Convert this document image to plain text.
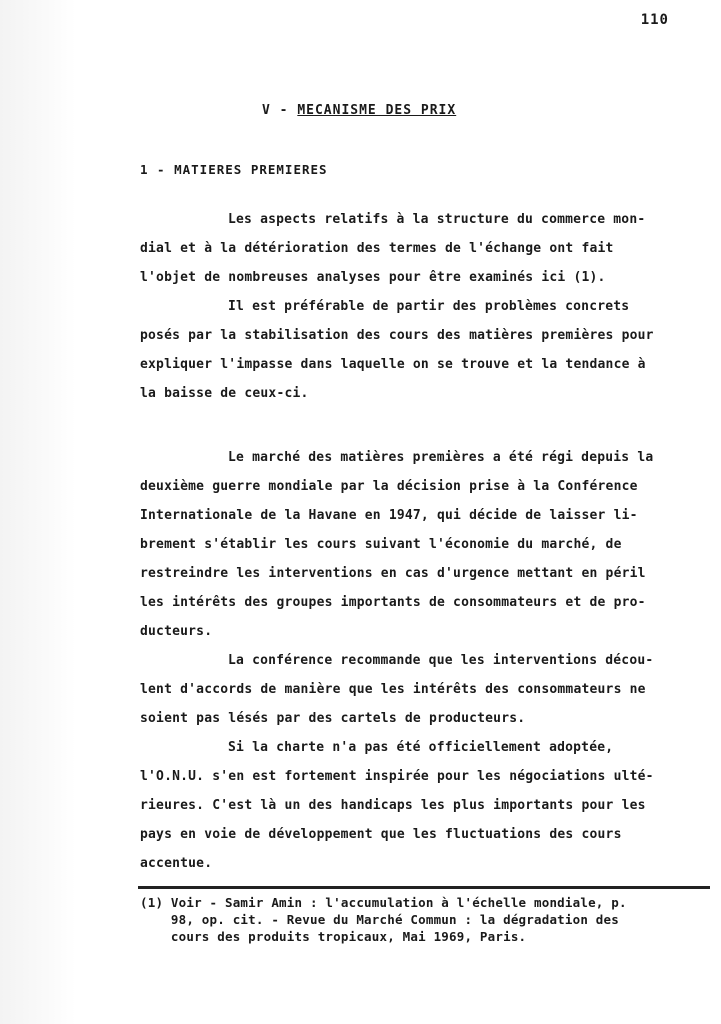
110
V - MECANISME DES PRIX
1 - MATIERES PREMIERES
Les aspects relatifs à la structure du commerce mon-
dial et à la détérioration des termes de l'échange ont fait
l'objet de nombreuses analyses pour être examinés ici (1).
Il est préférable de partir des problèmes concrets
posés par la stabilisation des cours des matières premières pour
expliquer l'impasse dans laquelle on se trouve et la tendance à
la baisse de ceux-ci.
Le marché des matières premières a été régi depuis la
deuxième guerre mondiale par la décision prise à la Conférence
Internationale de la Havane en 1947, qui décide de laisser li-
brement s'établir les cours suivant l'économie du marché, de
restreindre les interventions en cas d'urgence mettant en péril
les intérêts des groupes importants de consommateurs et de pro-
ducteurs.
La conférence recommande que les interventions décou-
lent d'accords de manière que les intérêts des consommateurs ne
soient pas lésés par des cartels de producteurs.
Si la charte n'a pas été officiellement adoptée,
l'O.N.U. s'en est fortement inspirée pour les négociations ulté-
rieures. C'est là un des handicaps les plus importants pour les
pays en voie de développement que les fluctuations des cours
accentue.
(1) Voir - Samir Amin : l'accumulation à l'échelle mondiale, p.
98, op. cit. - Revue du Marché Commun : la dégradation des
cours des produits tropicaux, Mai 1969, Paris.
